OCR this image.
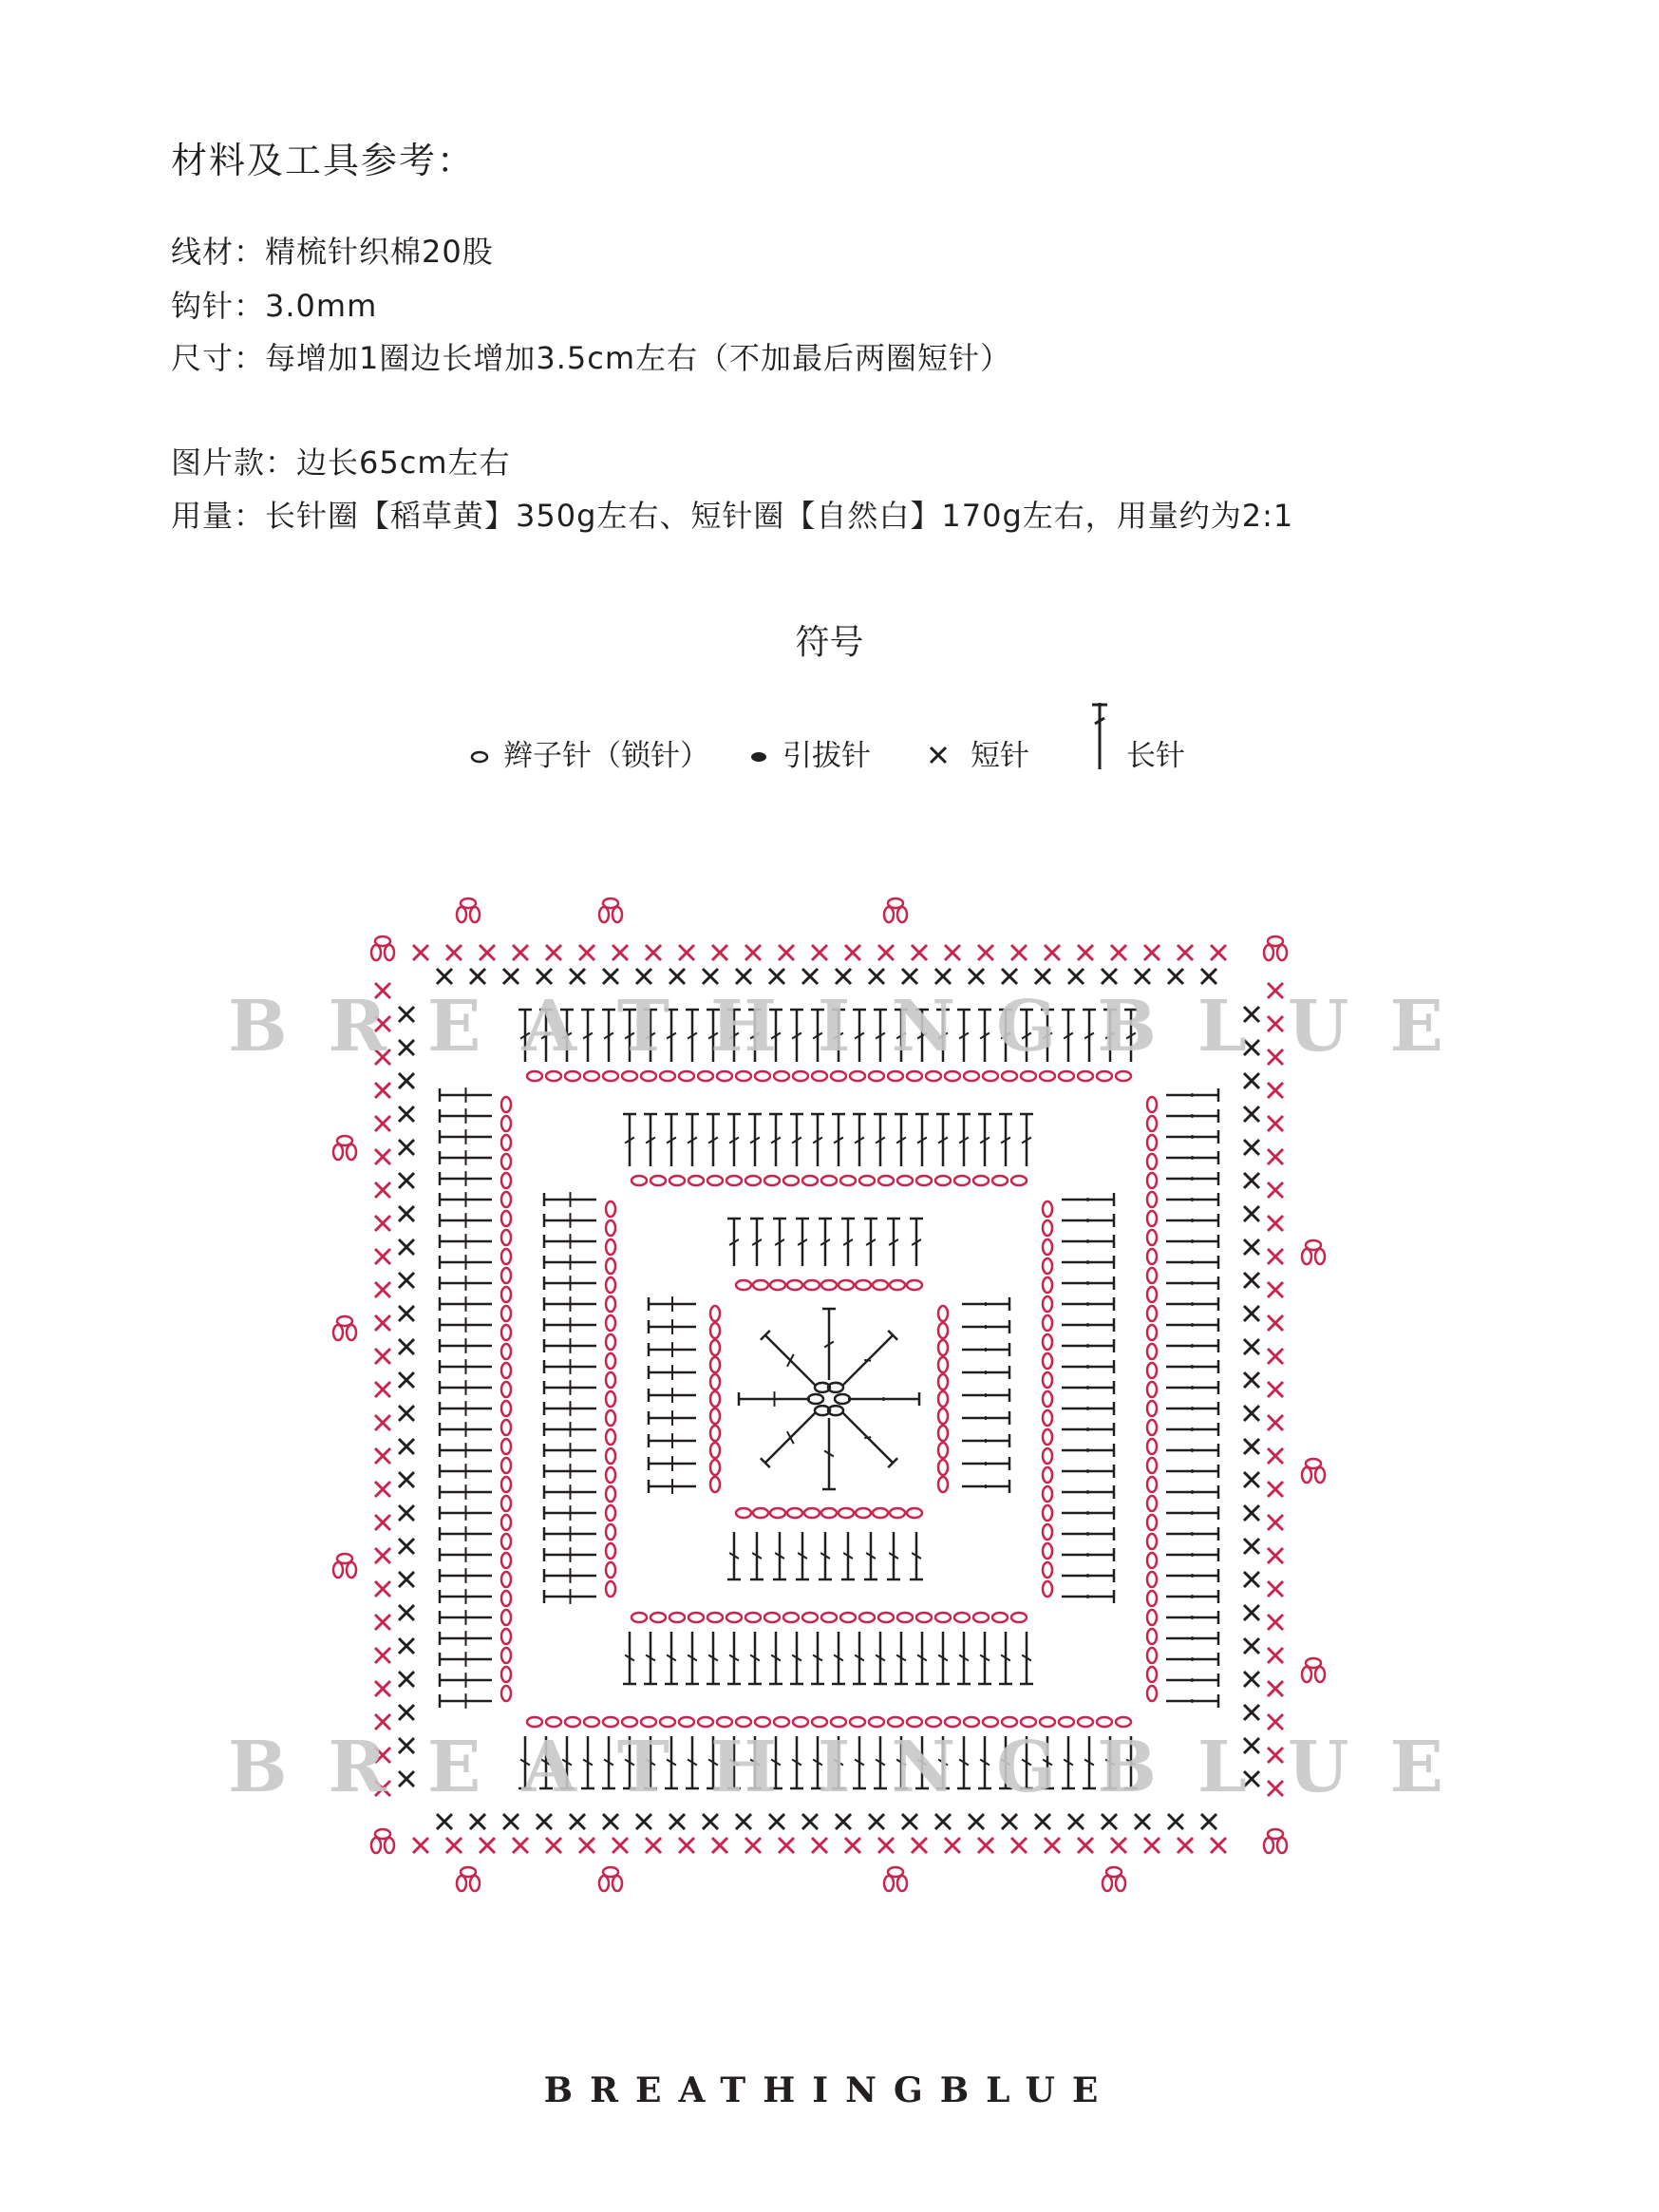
材料及工具参考：
线材：精梳针织棉20股
钩针：3.0mm
尺寸：每增加1圈边长增加3.5cm左右（不加最后两圈短针）
图片款：边长65cm左右
用量：长针圈【稻草黄】350g左右、短针圈【自然白】170g左右，用量约为2:1
符号
辫子针（锁针） 引拔针	短针	长针
B R E A T H I N G B L U E
B R E A T H I N G B L U E
BREATHINGBLUE
